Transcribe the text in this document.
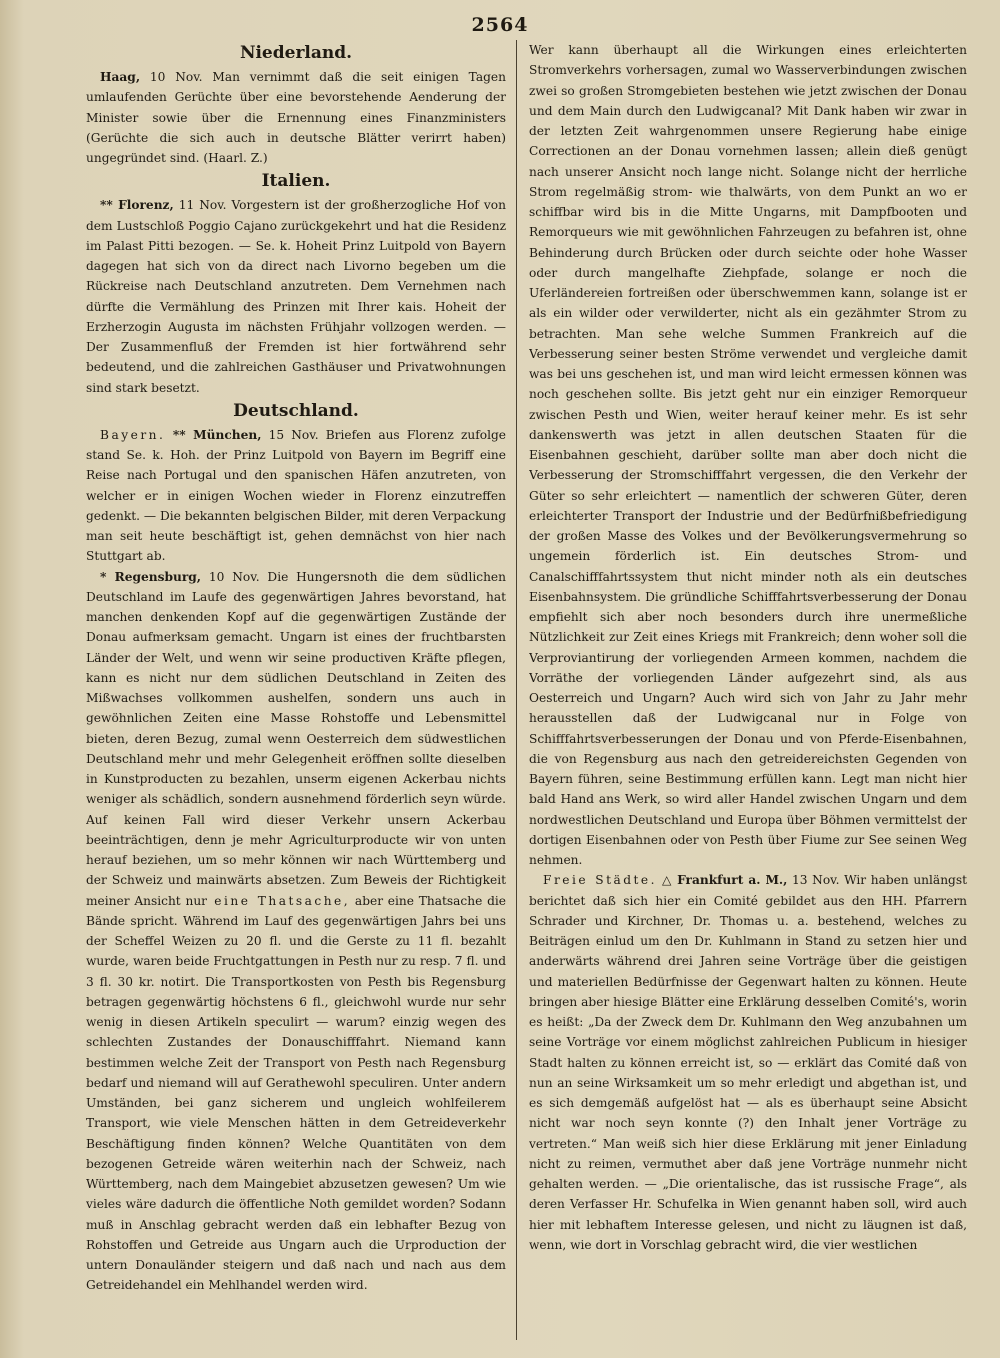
2564
Niederland.

Haag, 10 Nov. Man vernimmt daß die seit einigen Tagen umlaufenden Gerüchte über eine bevorstehende Aenderung der Minister sowie über die Ernennung eines Finanzministers (Gerüchte die sich auch in deutsche Blätter verirrt haben) ungegründet sind. (Haarl. Z.)

Italien.

** Florenz, 11 Nov. Vorgestern ist der großherzogliche Hof von dem Lustschloß Poggio Cajano zurückgekehrt und hat die Residenz im Palast Pitti bezogen. — Se. k. Hoheit Prinz Luitpold von Bayern dagegen hat sich von da direct nach Livorno begeben um die Rückreise nach Deutschland anzutreten. Dem Vernehmen nach dürfte die Vermählung des Prinzen mit Ihrer kais. Hoheit der Erzherzogin Augusta im nächsten Frühjahr vollzogen werden. — Der Zusammenfluß der Fremden ist hier fortwährend sehr bedeutend, und die zahlreichen Gasthäuser und Privatwohnungen sind stark besetzt.

Deutschland.

Bayern. ** München, 15 Nov. Briefen aus Florenz zufolge stand Se. k. Hoh. der Prinz Luitpold von Bayern im Begriff eine Reise nach Portugal und den spanischen Häfen anzutreten, von welcher er in einigen Wochen wieder in Florenz einzutreffen gedenkt. — Die bekannten belgischen Bilder, mit deren Verpackung man seit heute beschäftigt ist, gehen demnächst von hier nach Stuttgart ab.

* Regensburg, 10 Nov. Die Hungersnoth die dem südlichen Deutschland im Laufe des gegenwärtigen Jahres bevorstand, hat manchen denkenden Kopf auf die gegenwärtigen Zustände der Donau aufmerksam gemacht. Ungarn ist eines der fruchtbarsten Länder der Welt, und wenn wir seine productiven Kräfte pflegen, kann es nicht nur dem südlichen Deutschland in Zeiten des Mißwachses vollkommen aushelfen, sondern uns auch in gewöhnlichen Zeiten eine Masse Rohstoffe und Lebensmittel bieten, deren Bezug, zumal wenn Oesterreich dem südwestlichen Deutschland mehr und mehr Gelegenheit eröffnen sollte dieselben in Kunstproducten zu bezahlen, unserm eigenen Ackerbau nichts weniger als schädlich, sondern ausnehmend förderlich seyn würde. Auf keinen Fall wird dieser Verkehr unsern Ackerbau beeinträchtigen, denn je mehr Agriculturproducte wir von unten herauf beziehen, um so mehr können wir nach Württemberg und der Schweiz und mainwärts absetzen. Zum Beweis der Richtigkeit meiner Ansicht nur eine Thatsache, aber eine Thatsache die Bände spricht. Während im Lauf des gegenwärtigen Jahrs bei uns der Scheffel Weizen zu 20 fl. und die Gerste zu 11 fl. bezahlt wurde, waren beide Fruchtgattungen in Pesth nur zu resp. 7 fl. und 3 fl. 30 kr. notirt. Die Transportkosten von Pesth bis Regensburg betragen gegenwärtig höchstens 6 fl., gleichwohl wurde nur sehr wenig in diesen Artikeln speculirt — warum? einzig wegen des schlechten Zustandes der Donauschifffahrt. Niemand kann bestimmen welche Zeit der Transport von Pesth nach Regensburg bedarf und niemand will auf Gerathewohl speculiren. Unter andern Umständen, bei ganz sicherem und ungleich wohlfeilerem Transport, wie viele Menschen hätten in dem Getreideverkehr Beschäftigung finden können? Welche Quantitäten von dem bezogenen Getreide wären weiterhin nach der Schweiz, nach Württemberg, nach dem Maingebiet abzusetzen gewesen? Um wie vieles wäre dadurch die öffentliche Noth gemildet worden? Sodann muß in Anschlag gebracht werden daß ein lebhafter Bezug von Rohstoffen und Getreide aus Ungarn auch die Urproduction der untern Donauländer steigern und daß nach und nach aus dem Getreidehandel ein Mehlhandel werden wird.

Wer kann überhaupt all die Wirkungen eines erleichterten Stromverkehrs vorhersagen, zumal wo Wasserverbindungen zwischen zwei so großen Stromgebieten bestehen wie jetzt zwischen der Donau und dem Main durch den Ludwigcanal? Mit Dank haben wir zwar in der letzten Zeit wahrgenommen unsere Regierung habe einige Correctionen an der Donau vornehmen lassen; allein dieß genügt nach unserer Ansicht noch lange nicht. Solange nicht der herrliche Strom regelmäßig strom- wie thalwärts, von dem Punkt an wo er schiffbar wird bis in die Mitte Ungarns, mit Dampfbooten und Remorqueurs wie mit gewöhnlichen Fahrzeugen zu befahren ist, ohne Behinderung durch Brücken oder durch seichte oder hohe Wasser oder durch mangelhafte Ziehpfade, solange er noch die Uferländereien fortreißen oder überschwemmen kann, solange ist er als ein wilder oder verwilderter, nicht als ein gezähmter Strom zu betrachten. Man sehe welche Summen Frankreich auf die Verbesserung seiner besten Ströme verwendet und vergleiche damit was bei uns geschehen ist, und man wird leicht ermessen können was noch geschehen sollte. Bis jetzt geht nur ein einziger Remorqueur zwischen Pesth und Wien, weiter herauf keiner mehr. Es ist sehr dankenswerth was jetzt in allen deutschen Staaten für die Eisenbahnen geschieht, darüber sollte man aber doch nicht die Verbesserung der Stromschifffahrt vergessen, die den Verkehr der Güter so sehr erleichtert — namentlich der schweren Güter, deren erleichterter Transport der Industrie und der Bedürfnißbefriedigung der großen Masse des Volkes und der Bevölkerungsvermehrung so ungemein förderlich ist. Ein deutsches Strom- und Canalschifffahrtssystem thut nicht minder noth als ein deutsches Eisenbahnsystem. Die gründliche Schifffahrtsverbesserung der Donau empfiehlt sich aber noch besonders durch ihre unermeßliche Nützlichkeit zur Zeit eines Kriegs mit Frankreich; denn woher soll die Verproviantirung der vorliegenden Armeen kommen, nachdem die Vorräthe der vorliegenden Länder aufgezehrt sind, als aus Oesterreich und Ungarn? Auch wird sich von Jahr zu Jahr mehr herausstellen daß der Ludwigcanal nur in Folge von Schifffahrtsverbesserungen der Donau und von Pferde-Eisenbahnen, die von Regensburg aus nach den getreidereichsten Gegenden von Bayern führen, seine Bestimmung erfüllen kann. Legt man nicht hier bald Hand ans Werk, so wird aller Handel zwischen Ungarn und dem nordwestlichen Deutschland und Europa über Böhmen vermittelst der dortigen Eisenbahnen oder von Pesth über Fiume zur See seinen Weg nehmen.

Freie Städte. △ Frankfurt a. M., 13 Nov. Wir haben unlängst berichtet daß sich hier ein Comité gebildet aus den HH. Pfarrern Schrader und Kirchner, Dr. Thomas u. a. bestehend, welches zu Beiträgen einlud um den Dr. Kuhlmann in Stand zu setzen hier und anderwärts während drei Jahren seine Vorträge über die geistigen und materiellen Bedürfnisse der Gegenwart halten zu können. Heute bringen aber hiesige Blätter eine Erklärung desselben Comité's, worin es heißt: „Da der Zweck dem Dr. Kuhlmann den Weg anzubahnen um seine Vorträge vor einem möglichst zahlreichen Publicum in hiesiger Stadt halten zu können erreicht ist, so — erklärt das Comité daß von nun an seine Wirksamkeit um so mehr erledigt und abgethan ist, und es sich demgemäß aufgelöst hat — als es überhaupt seine Absicht nicht war noch seyn konnte (?) den Inhalt jener Vorträge zu vertreten.“ Man weiß sich hier diese Erklärung mit jener Einladung nicht zu reimen, vermuthet aber daß jene Vorträge nunmehr nicht gehalten werden. — „Die orientalische, das ist russische Frage“, als deren Verfasser Hr. Schufelka in Wien genannt haben soll, wird auch hier mit lebhaftem Interesse gelesen, und nicht zu läugnen ist daß, wenn, wie dort in Vorschlag gebracht wird, die vier westlichen
